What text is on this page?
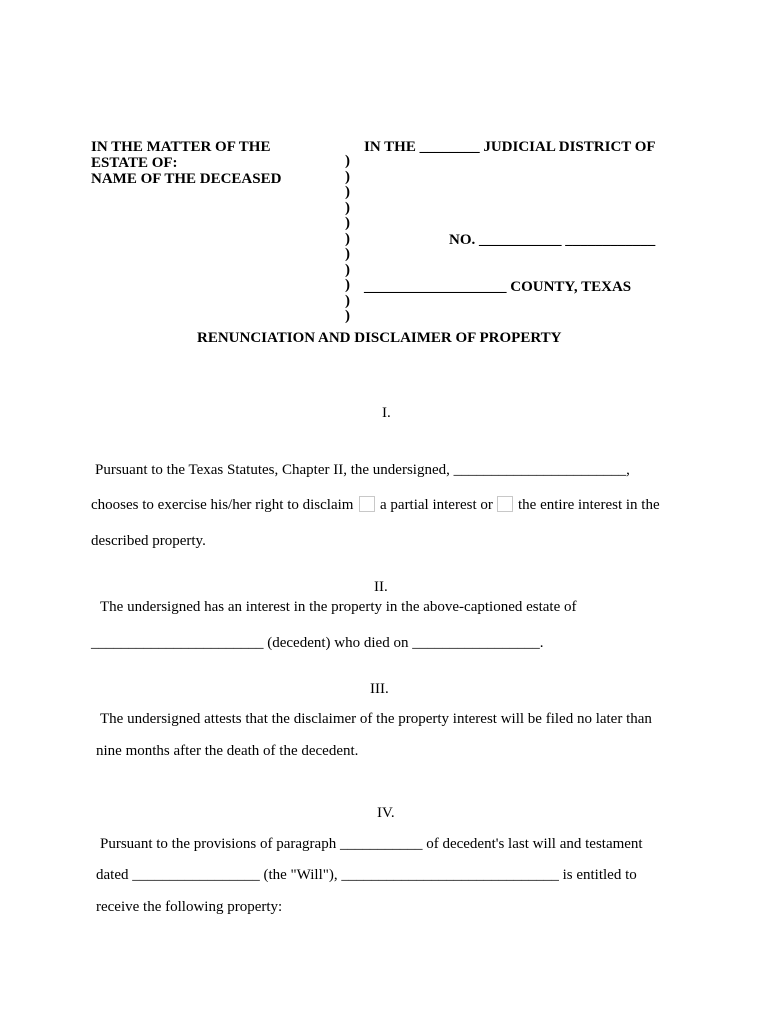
IN THE MATTER OF THE
ESTATE OF:
NAME OF THE DECEASED
IN THE ________ JUDICIAL DISTRICT OF
)
)
)
)
)
)
)
)
)
)
)
NO. ___________ ____________
___________________ COUNTY, TEXAS
RENUNCIATION AND DISCLAIMER OF PROPERTY
I.
Pursuant to the Texas Statutes, Chapter II, the undersigned, _______________________,
chooses to exercise his/her right to disclaim a partial interest or the entire interest in the
described property.
II.
The undersigned has an interest in the property in the above-captioned estate of
_______________________ (decedent) who died on _________________.
III.
The undersigned attests that the disclaimer of the property interest will be filed no later than
nine months after the death of the decedent.
IV.
Pursuant to the provisions of paragraph ___________ of decedent's last will and testament
dated _________________ (the "Will"), _____________________________ is entitled to
receive the following property:
